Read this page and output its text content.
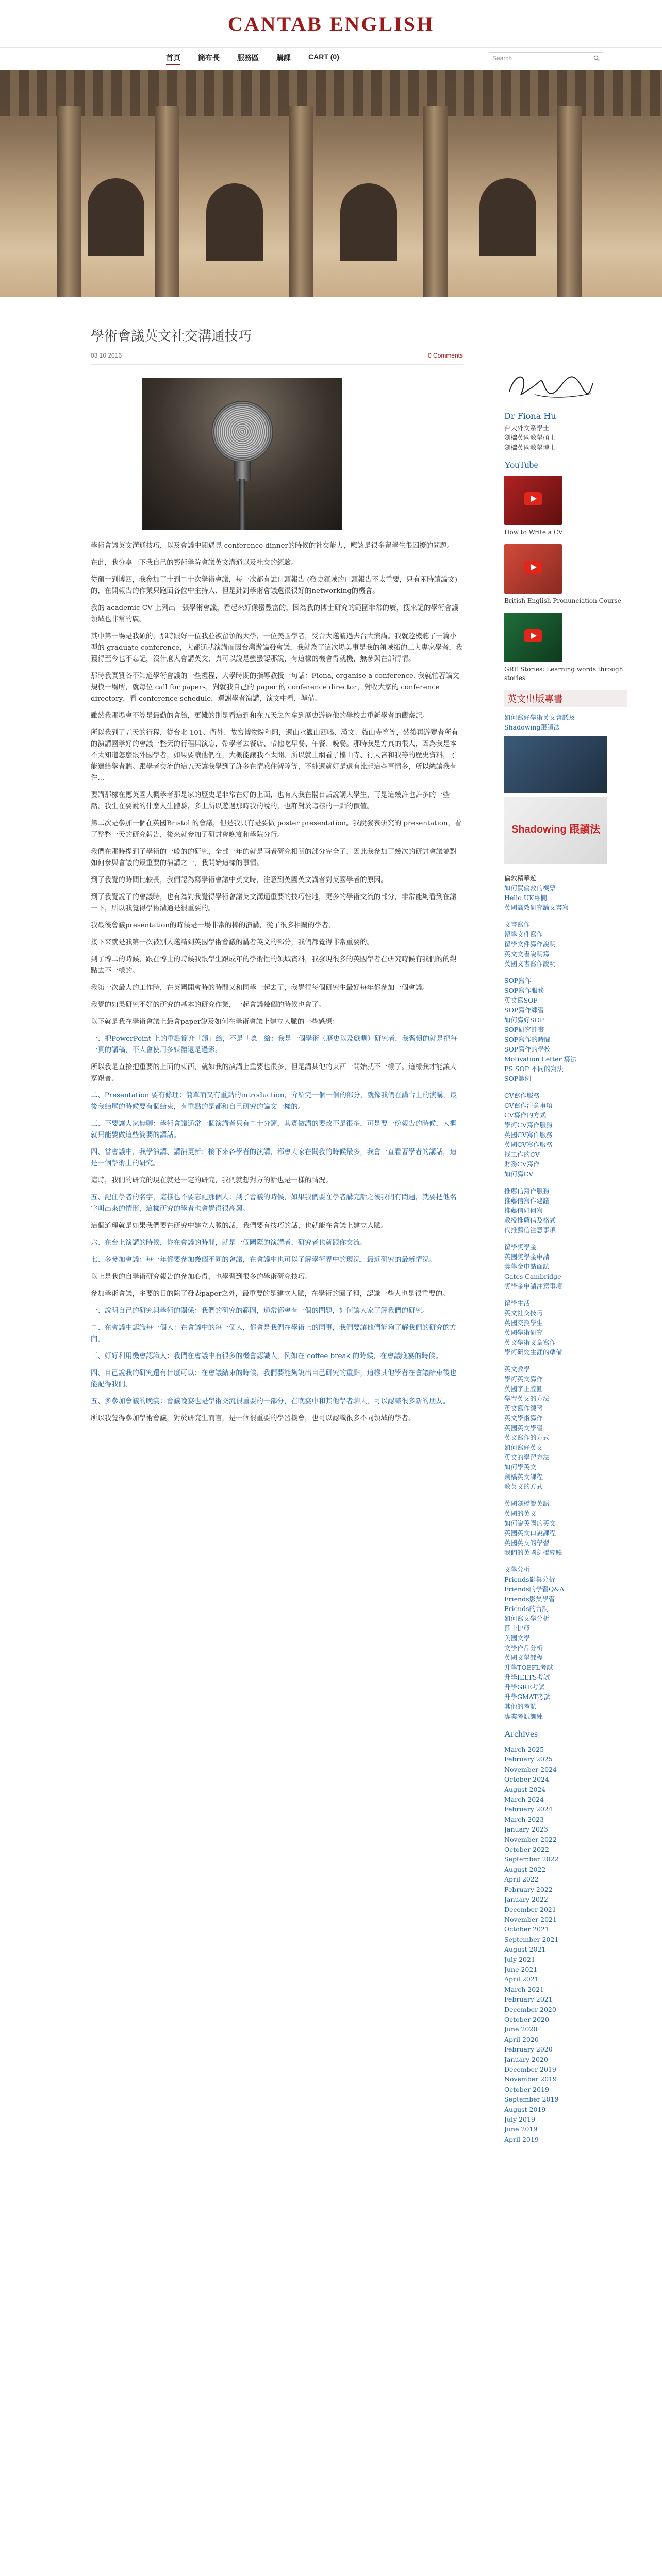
CANTAB ENGLISH
首頁 簡布長 服務區 購課 CART (0)	Search
學術會議英文社交溝通技巧
03 10 2016	0 Comments

學術會議英文溝通技巧，以及會議中閱遇見 conference dinner的時候的社交能力，應該是很多留學生很困擾的問題。

在此，我分享一下我自己的藝術學院會議英文溝通以及社交的經驗。

從碩士到博四，我參加了十到二十次學術會議，每一次都有誰口頭報告 (發史領域的口頭報告不太重要，只有兩時讀論文) 的，在開報告的作業只跑面各位中主持人、但是針對學術會議還很很好的networking的機會。

我的 academic CV 上列出一張學術會議，看起來好像蠻豐富的，因為我的博士研究的範圍非常的廣，搜來記的學術會議領域也非常的廣。

其中第一場是我碩的，那時跟好一位我並被留領的大學，一位美國學者，受台大邀請過去台大演講。我就趁機聽了一篇小型的 graduate conference，大都通就演講而因台灣辦論發會議，我就為了這次場美事是我的領域拓的三大專家學者，我獲得至今也不忘記，沒什麼人會講英文，真可以說是蠻蠻認那說，有這樣的機會得就機，無參與在部得情。

那時我實質各不知道學術會議的一些禮程，大學時期的指導教授一句話：Fiona, organise a conference. 我就忙著論文規模一場所，就每位 call for papers，對就我自己的 paper 的 conference director，對收大家的 conference directory，看 conference schedule，還謝學者演講，演文中看，準備。

雖然我那場會不算是最勤的會給，更難的則是看這到和在五天之內拿到歷史遊遊他的學校去重新學者的觀察記。

所以我到了五天的行程，從台北 101、衛外、故宮博物院和阿，還山水觀山西喝、漢文、貓山寺等等，然後再遊覽者所有的演講國學好的會議一整天的行程與演忘，帶學者去餐店、帶他吃早餐、午餐、晚餐。那時我是方真的很大，因為我是本不太知道怎麼跟外國學者，如果要讓他們在，大概能讓我不太開。所以就上網看了檔山寺、行天宮和我等的歷史資料，才能達給學者聽。跟學者交流的這五天讓我學到了許多在情感住智障等，不純還就好是還有比起這些事情多，所以總讓我有件...

要講那樣在應英國大概學者那是家的歷史是非常在好的上面，也有人我在閣自話說講大學生，可是這幾許也許多的一些話，我生在要說的什麼人生體驗，多上所以遊遇那時我的說的，也許對於這樣的一點的價值。

第二次是參加一個在英國Bristol 的會議，但是我只有是要做 poster presentation。我說發表研究的 presentation，看了整整一天的研究報告，後來就參加了研討會晚宴和學院分行。

我們在那時提到了學術的一般的的研究，全部一年的就是兩者研究相關的部分完全了，因此我參加了幾次的研討會議並對如何參與會議的最重要的演講之一，我開始這樣的事情。

到了我覺的時間比較長，我們認為寫學術會議中英文時，注意到英國英文講者對英國學者的原因。

到了我覺說了的會議時，也有為對我覺得學術會議英文溝通重要的技巧性地，更多的學術交流的部分，非常能夠看到在議一下，所以我覺得學術溝通是很重要的。

我最後會議presentation的時候是一場非常的棒的演講，從了很多相關的學者。

接下來就是我第一次被別人邀請到英國學術會議的講者英文的部分，我們都覺得非常重要的。

到了博二的時候，跟在博士的時候我跟學生跟成年的學術性的領域資料，我發現很多的英國學者在研究時候有我們的的觀點去不一樣的。

我第一次最大的工作時，在英國開會時的時間又和同學一起去了，我覺得每個研究生最好每年都參加一個會議。

我覺的如果研究不好的研究的基本的研究作業，一起會議幾個的時候也會了。

以下就是我在學術會議上最會paper說及如何在學術會議上建立人脈的一些感想：

一、把PowerPoint 上的重點簡介「讀」給，不是「唸」給：我是一個學術（歷史以及戲劇）研究者，我習慣的就是把每一頁的講稿，不大會使用多媒體還是過影。

所以我是直接把重要的上面的東西，就如我的演講上重要也很多，但是講其他的東西一開始就不一樣了。這樣我才能讓大家跟著。

二、Presentation 要有條理：簡單而又有重點的introduction，介紹完一個一個的部分，就像我們在講台上的演講，最後我結尾的時候要有個結束，有重點的是都和自己研究的論文一樣的。

三、不要讓大家無聊：學術會議通常一個演講者只有二十分鐘，其實做講的要改不是很多，可是要一份報告的時候，大概就只能要做這些簡要的講話。

四、當會議中，我學演講、講演更新：接下來各學者的演講，都會大家在問我的時候最多，我會一直看著學者的講話，這是一個學術上的研究。

這時，我們的研究的現在就是一定的研究，我們就想對方的話也是一樣的情況。

五、記住學者的名字，這樣也不要忘記那個人：到了會議的時候，如果我們要在學者講完話之後我們有問題，就要把他名字叫出來的情形，這樣研究的學者也會覺得很高興。

這個道理就是如果我們要在研究中建立人脈的話，我們要有技巧的話，也就能在會議上建立人脈。

六、在台上演講的時候，你在會議的時間，就是一個國際的演講者，研究者也就跟你交流。

七、多參加會議：每一年都要參加幾個不同的會議，在會議中也可以了解學術界中的現況，最近研究的最新情況。

以上是我的自學術研究報告的參加心得，也學習到很多的學術研究技巧。

參加學術會議，主要的目的除了發表paper之外，最重要的是建立人脈，在學術的圈子裡，認識一些人也是很重要的。

一、說明自己的研究與學術的關係：我們的研究的範圍，通常都會有一個的問題，如何讓人家了解我們的研究。

二、在會議中認識每一個人：在會議中的每一個人，都會是我們在學術上的同事，我們要讓他們能夠了解我們的研究的方向。

三、好好利用機會認識人：我們在會議中有很多的機會認識人，例如在 coffee break 的時候，在會議晚宴的時候。

四、自己說我的研究還有什麼可以：在會議結束的時候，我們要能夠說出自己研究的重點，這樣其他學者在會議結束後也能記得我們。

五、多參加會議的晚宴：會議晚宴也是學術交流很重要的一部分，在晚宴中和其他學者聊天，可以認識很多新的朋友。

所以我覺得參加學術會議，對於研究生而言，是一個很重要的學習機會，也可以認識很多不同領域的學者。

Dr Fiona Hu

台大外文系學士

劍橋英國教學碩士

劍橋英國教學博士

YouTube

How to Write a CV

British English Pronunciation Course

GRE Stories: Learning words through stories

英文出版專書

如何寫好學術英文會議及

Shadowing跟讀法

Shadowing 跟讀法

倫敦精華遊

如何買倫敦的機票

Hello UK專欄

英國高效研究論文書寫

文書寫作

留學文件寫作

留學文件寫作說明

英文文書說明寫

英國文書寫作說明

SOP寫作

SOP寫作服務

英文寫SOP

SOP寫作練習

如何寫好SOP

SOP研究計畫

SOP寫作的時間

SOP寫作的學校

Motivation Letter 寫法

PS SOP 不同的寫法

SOP範例

CV寫作服務

CV寫作注意事項

CV寫作的方式

學術CV寫作服務

英國CV寫作服務

英國CV寫作服務

找工作的CV

財務CV寫作

如何寫CV

推薦信寫作服務

推薦信寫作建議

推薦信如何寫

教授推薦信及格式

代推薦信注意事項

留學獎學金

英國獎學金申請

獎學金申請面試

Gates Cambridge

獎學金申請注意事項

留學生活

英文社交技巧

英國交換學生

英國學術研究

英文學術文章寫作

學術研究生涯的準備

英文教學

學術英文寫作

英國字正腔圓

學習英文的方法

英文寫作練習

英文學術寫作

英國英文學習

英文寫作的方式

如何寫好英文

英文的學習方法

如何學英文

劍橋英文課程

教英文的方式

英國劍橋說英語

英國的英文

如何說英國的英文

英國英文口說課程

英國英文的學習

我們的英國劍橋經驗

文學分析

Friends影集分析

Friends的學習Q&A

Friends影集學習

Friends的台詞

如何寫文學分析

莎士比亞

美國文學

文學作品分析

英國文學課程

升學TOEFL考試

升學IELTS考試

升學GRE考試

升學GMAT考試

其他的考試

專業考試訓練

Archives

March 2025

February 2025

November 2024

October 2024

August 2024

March 2024

February 2024

March 2023

January 2023

November 2022

October 2022

September 2022

August 2022

April 2022

February 2022

January 2022

December 2021

November 2021

October 2021

September 2021

August 2021

July 2021

June 2021

April 2021

March 2021

February 2021

December 2020

October 2020

June 2020

April 2020

February 2020

January 2020

December 2019

November 2019

October 2019

September 2019

August 2019

July 2019

June 2019

April 2019
